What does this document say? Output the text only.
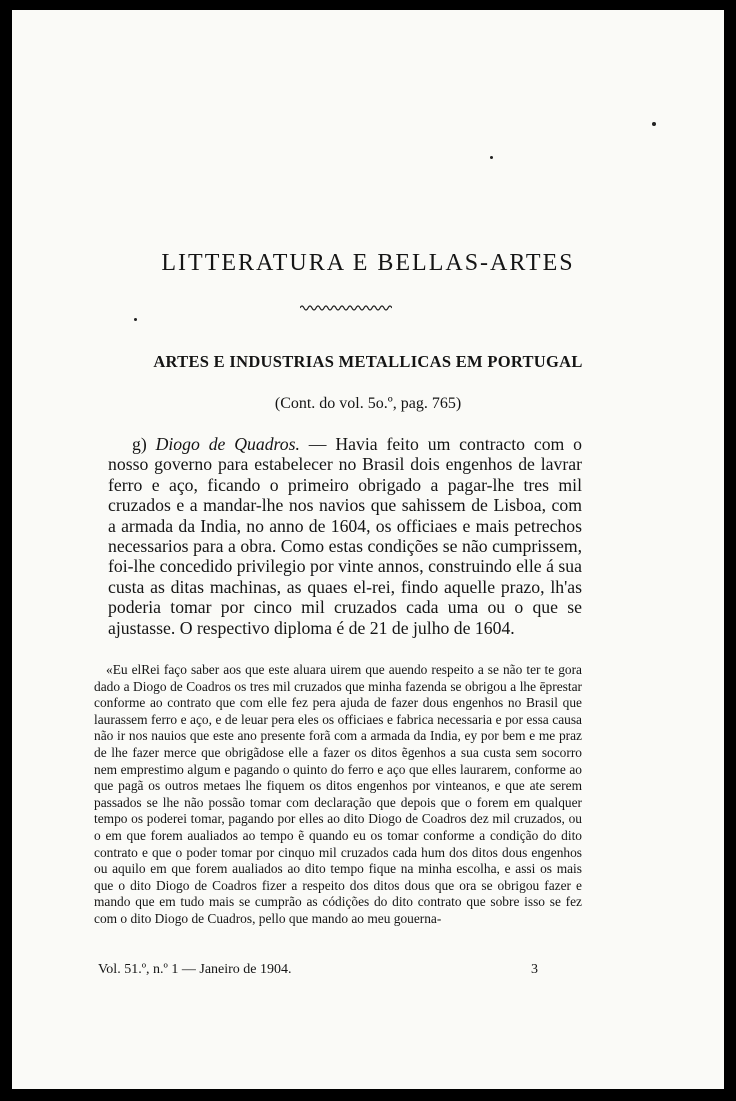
LITTERATURA E BELLAS-ARTES
ARTES E INDUSTRIAS METALLICAS EM PORTUGAL
(Cont. do vol. 5o.º, pag. 765)

g) Diogo de Quadros. — Havia feito um contracto com o nosso governo para estabelecer no Brasil dois engenhos de lavrar ferro e aço, ficando o primeiro obrigado a pagar-lhe tres mil cruzados e a mandar-lhe nos navios que sahissem de Lisboa, com a armada da India, no anno de 1604, os officiaes e mais petrechos necessarios para a obra. Como estas condições se não cumprissem, foi-lhe concedido privilegio por vinte annos, construindo elle á sua custa as ditas machinas, as quaes el-rei, findo aquelle prazo, lh'as poderia tomar por cinco mil cruzados cada uma ou o que se ajustasse. O respectivo diploma é de 21 de julho de 1604.

«Eu elRei faço saber aos que este aluara uirem que auendo respeito a se não ter te gora dado a Diogo de Coadros os tres mil cruzados que minha fazenda se obrigou a lhe ēprestar conforme ao contrato que com elle fez pera ajuda de fazer dous engenhos no Brasil que laurassem ferro e aço, e de leuar pera eles os officiaes e fabrica necessaria e por essa causa não ir nos nauios que este ano presente forã com a armada da India, ey por bem e me praz de lhe fazer merce que obrigãdose elle a fazer os ditos ẽgenhos a sua custa sem socorro nem emprestimo algum e pagando o quinto do ferro e aço que elles laurarem, conforme ao que pagã os outros metaes lhe fiquem os ditos engenhos por vinteanos, e que ate serem passados se lhe não possão tomar com declaração que depois que o forem em qualquer tempo os poderei tomar, pagando por elles ao dito Diogo de Coadros dez mil cruzados, ou o em que forem aualiados ao tempo ẽ quando eu os tomar conforme a condição do dito contrato e que o poder tomar por cinquo mil cruzados cada hum dos ditos dous engenhos ou aquilo em que forem aualiados ao dito tempo fique na minha escolha, e assi os mais que o dito Diogo de Coadros fizer a respeito dos ditos dous que ora se obrigou fazer e mando que em tudo mais se cumprão as códições do dito contrato que sobre isso se fez com o dito Diogo de Cuadros, pello que mando ao meu gouerna-

Vol. 51.º, n.º 1 — Janeiro de 1904.	3
